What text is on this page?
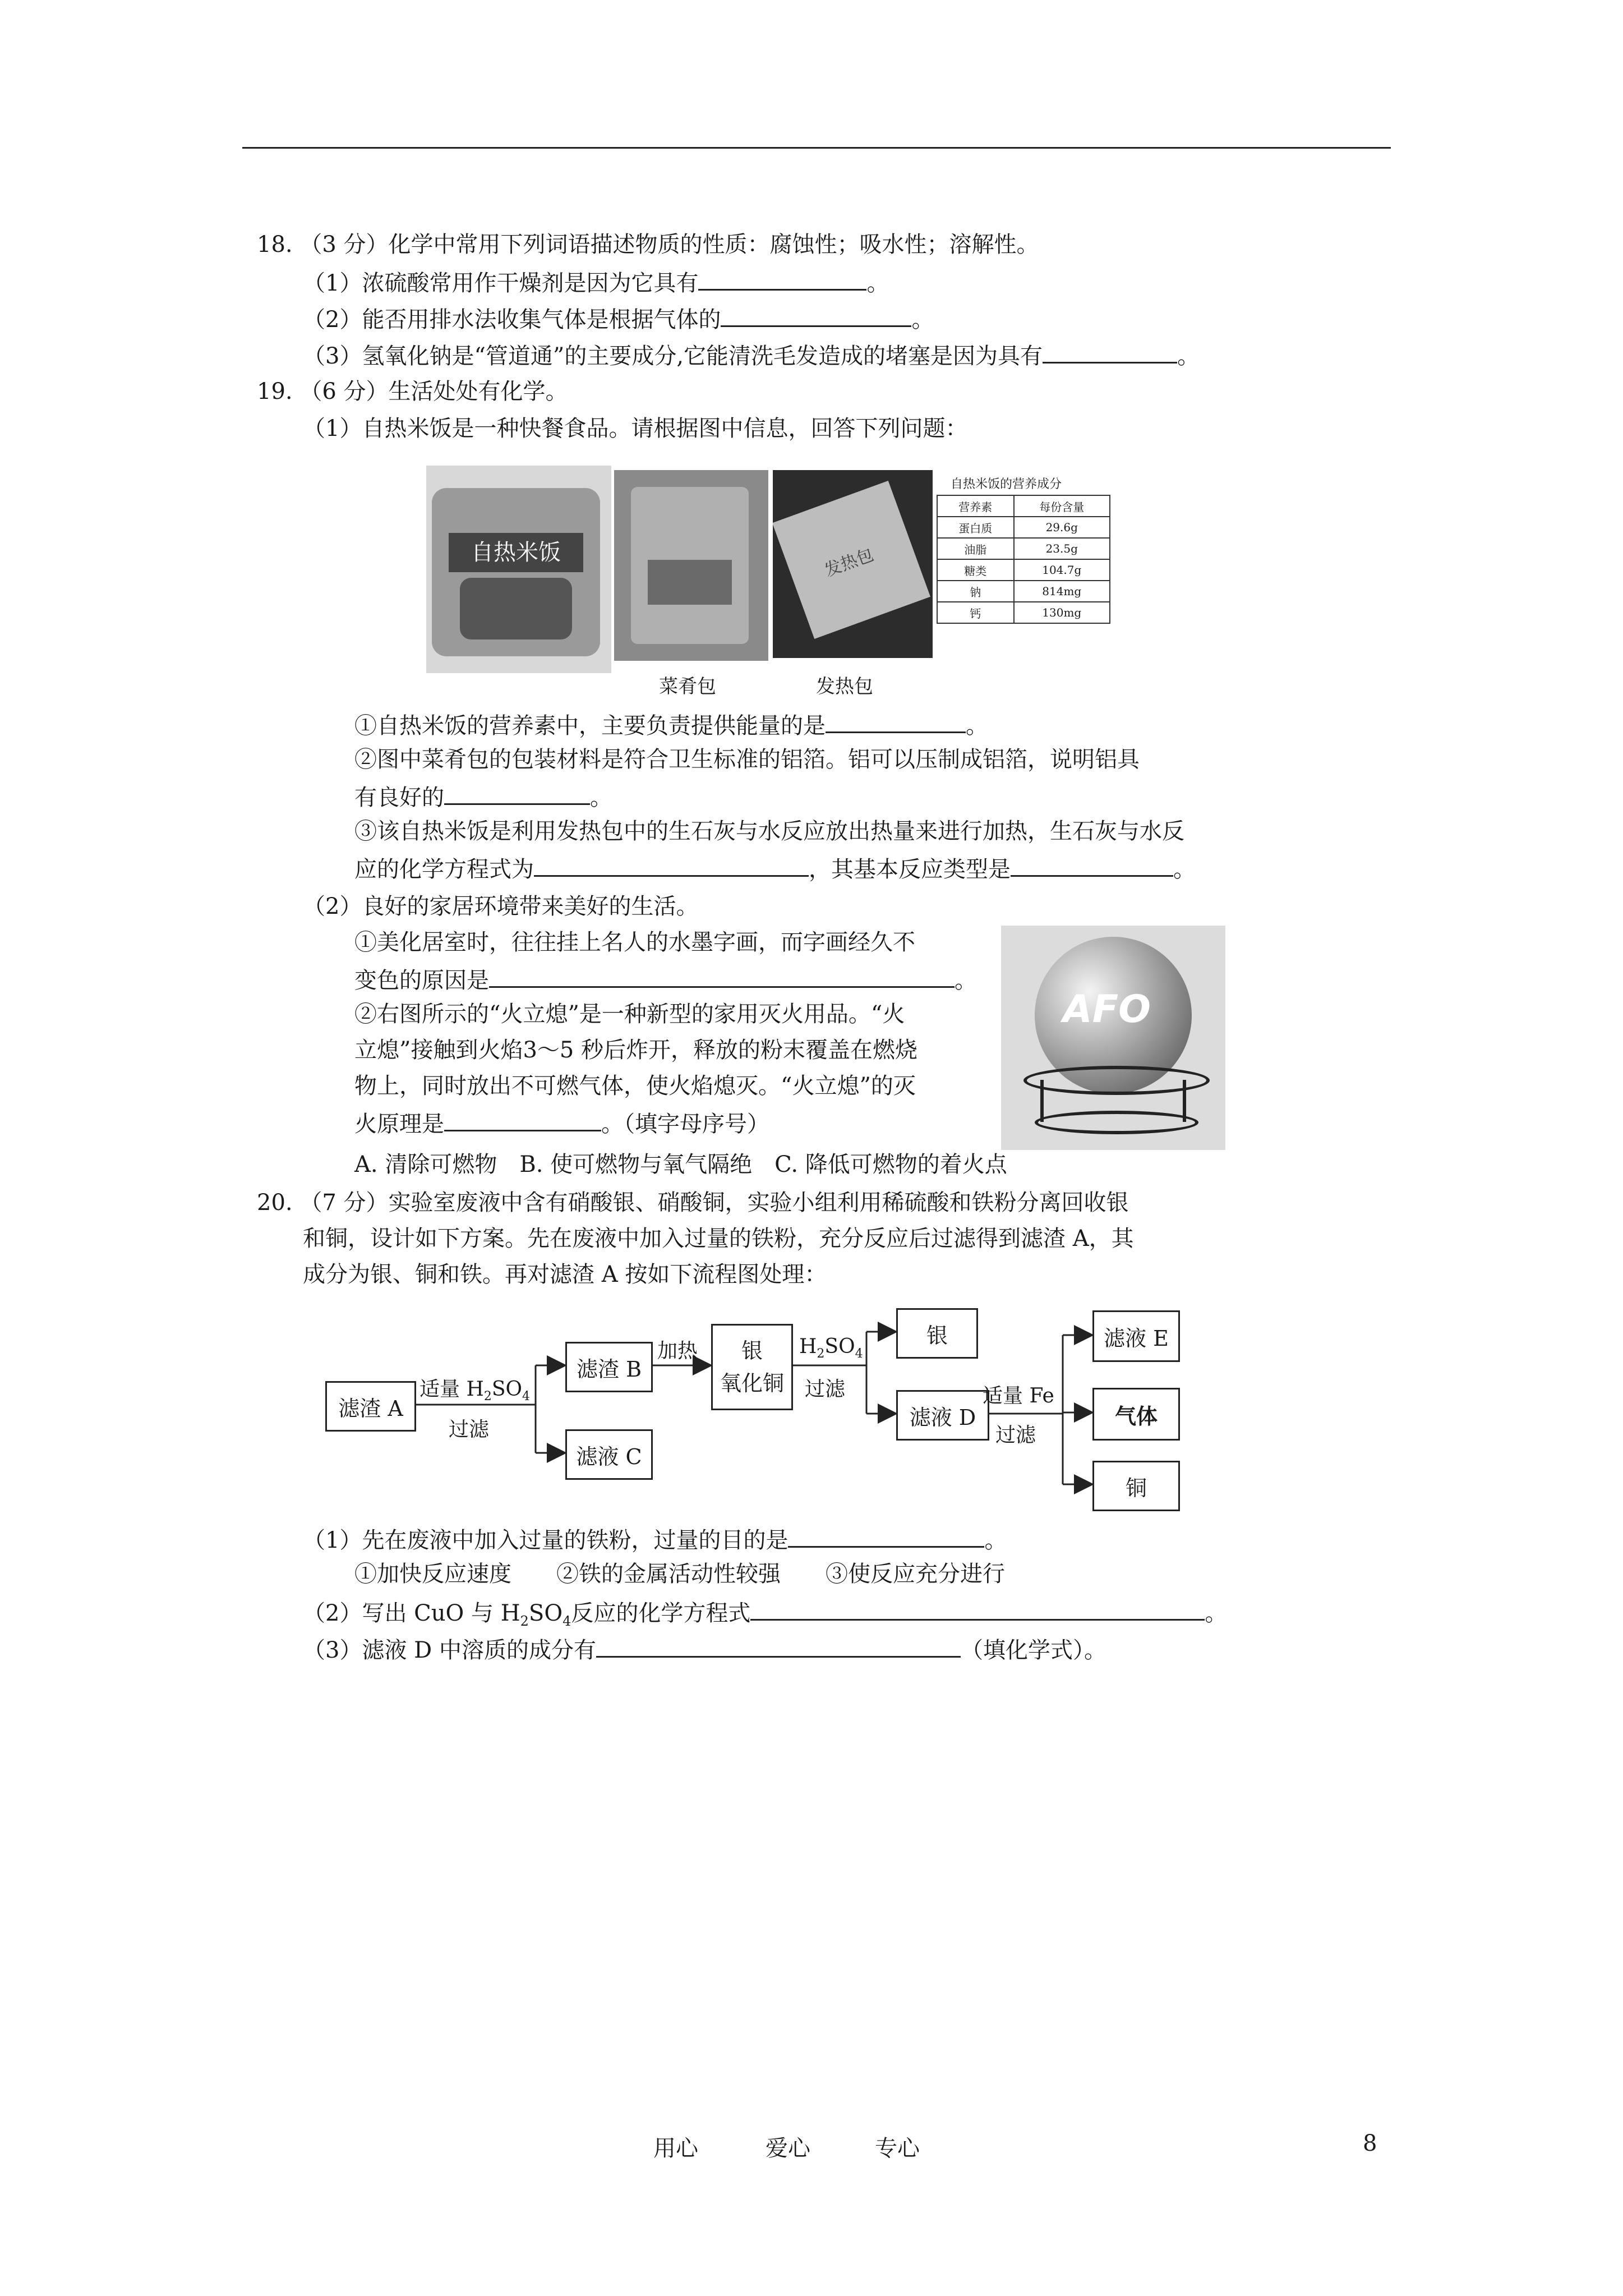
18. （3 分）化学中常用下列词语描述物质的性质：腐蚀性；吸水性；溶解性。
（1）浓硫酸常用作干燥剂是因为它具有	。
（2）能否用排水法收集气体是根据气体的	。
（3）氢氧化钠是“管道通”的主要成分,它能清洗毛发造成的堵塞是因为具有	。
19. （6 分）生活处处有化学。
（1）自热米饭是一种快餐食品。请根据图中信息，回答下列问题：
自热米饭	发热包
自热米饭的营养成分
营养素	每份含量
蛋白质	29.6g
油脂	23.5g
糖类	104.7g
钠	814mg
钙	130mg
菜肴包	发热包
①自热米饭的营养素中，主要负责提供能量的是	。
②图中菜肴包的包装材料是符合卫生标准的铝箔。铝可以压制成铝箔，说明铝具
有良好的	。
③该自热米饭是利用发热包中的生石灰与水反应放出热量来进行加热，生石灰与水反
应的化学方程式为	，其基本反应类型是	。
（2）良好的家居环境带来美好的生活。
①美化居室时，往往挂上名人的水墨字画，而字画经久不
变色的原因是	。
②右图所示的“火立熄”是一种新型的家用灭火用品。“火
立熄”接触到火焰3～5 秒后炸开，释放的粉末覆盖在燃烧
物上，同时放出不可燃气体，使火焰熄灭。“火立熄”的灭
火原理是	。（填字母序号）
A. 清除可燃物　B. 使可燃物与氧气隔绝　C. 降低可燃物的着火点
AFO
20. （7 分）实验室废液中含有硝酸银、硝酸铜，实验小组利用稀硫酸和铁粉分离回收银
和铜，设计如下方案。先在废液中加入过量的铁粉，充分反应后过滤得到滤渣 A，其
成分为银、铜和铁。再对滤渣 A 按如下流程图处理：
滤渣 A
滤渣 B
滤液 C
银
氧化铜
银
滤液 D
滤液 E
气体
铜
适量 $H_2SO_4$
过滤
加热	$H_2SO_4$
过滤	适量 Fe
过滤
（1）先在废液中加入过量的铁粉，过量的目的是	。
①加快反应速度　　②铁的金属活动性较强　　③使反应充分进行
（2）写出 CuO 与 $H_2SO_4$反应的化学方程式	。
（3）滤液 D 中溶质的成分有	（填化学式）。
用心	爱心	专心	8
